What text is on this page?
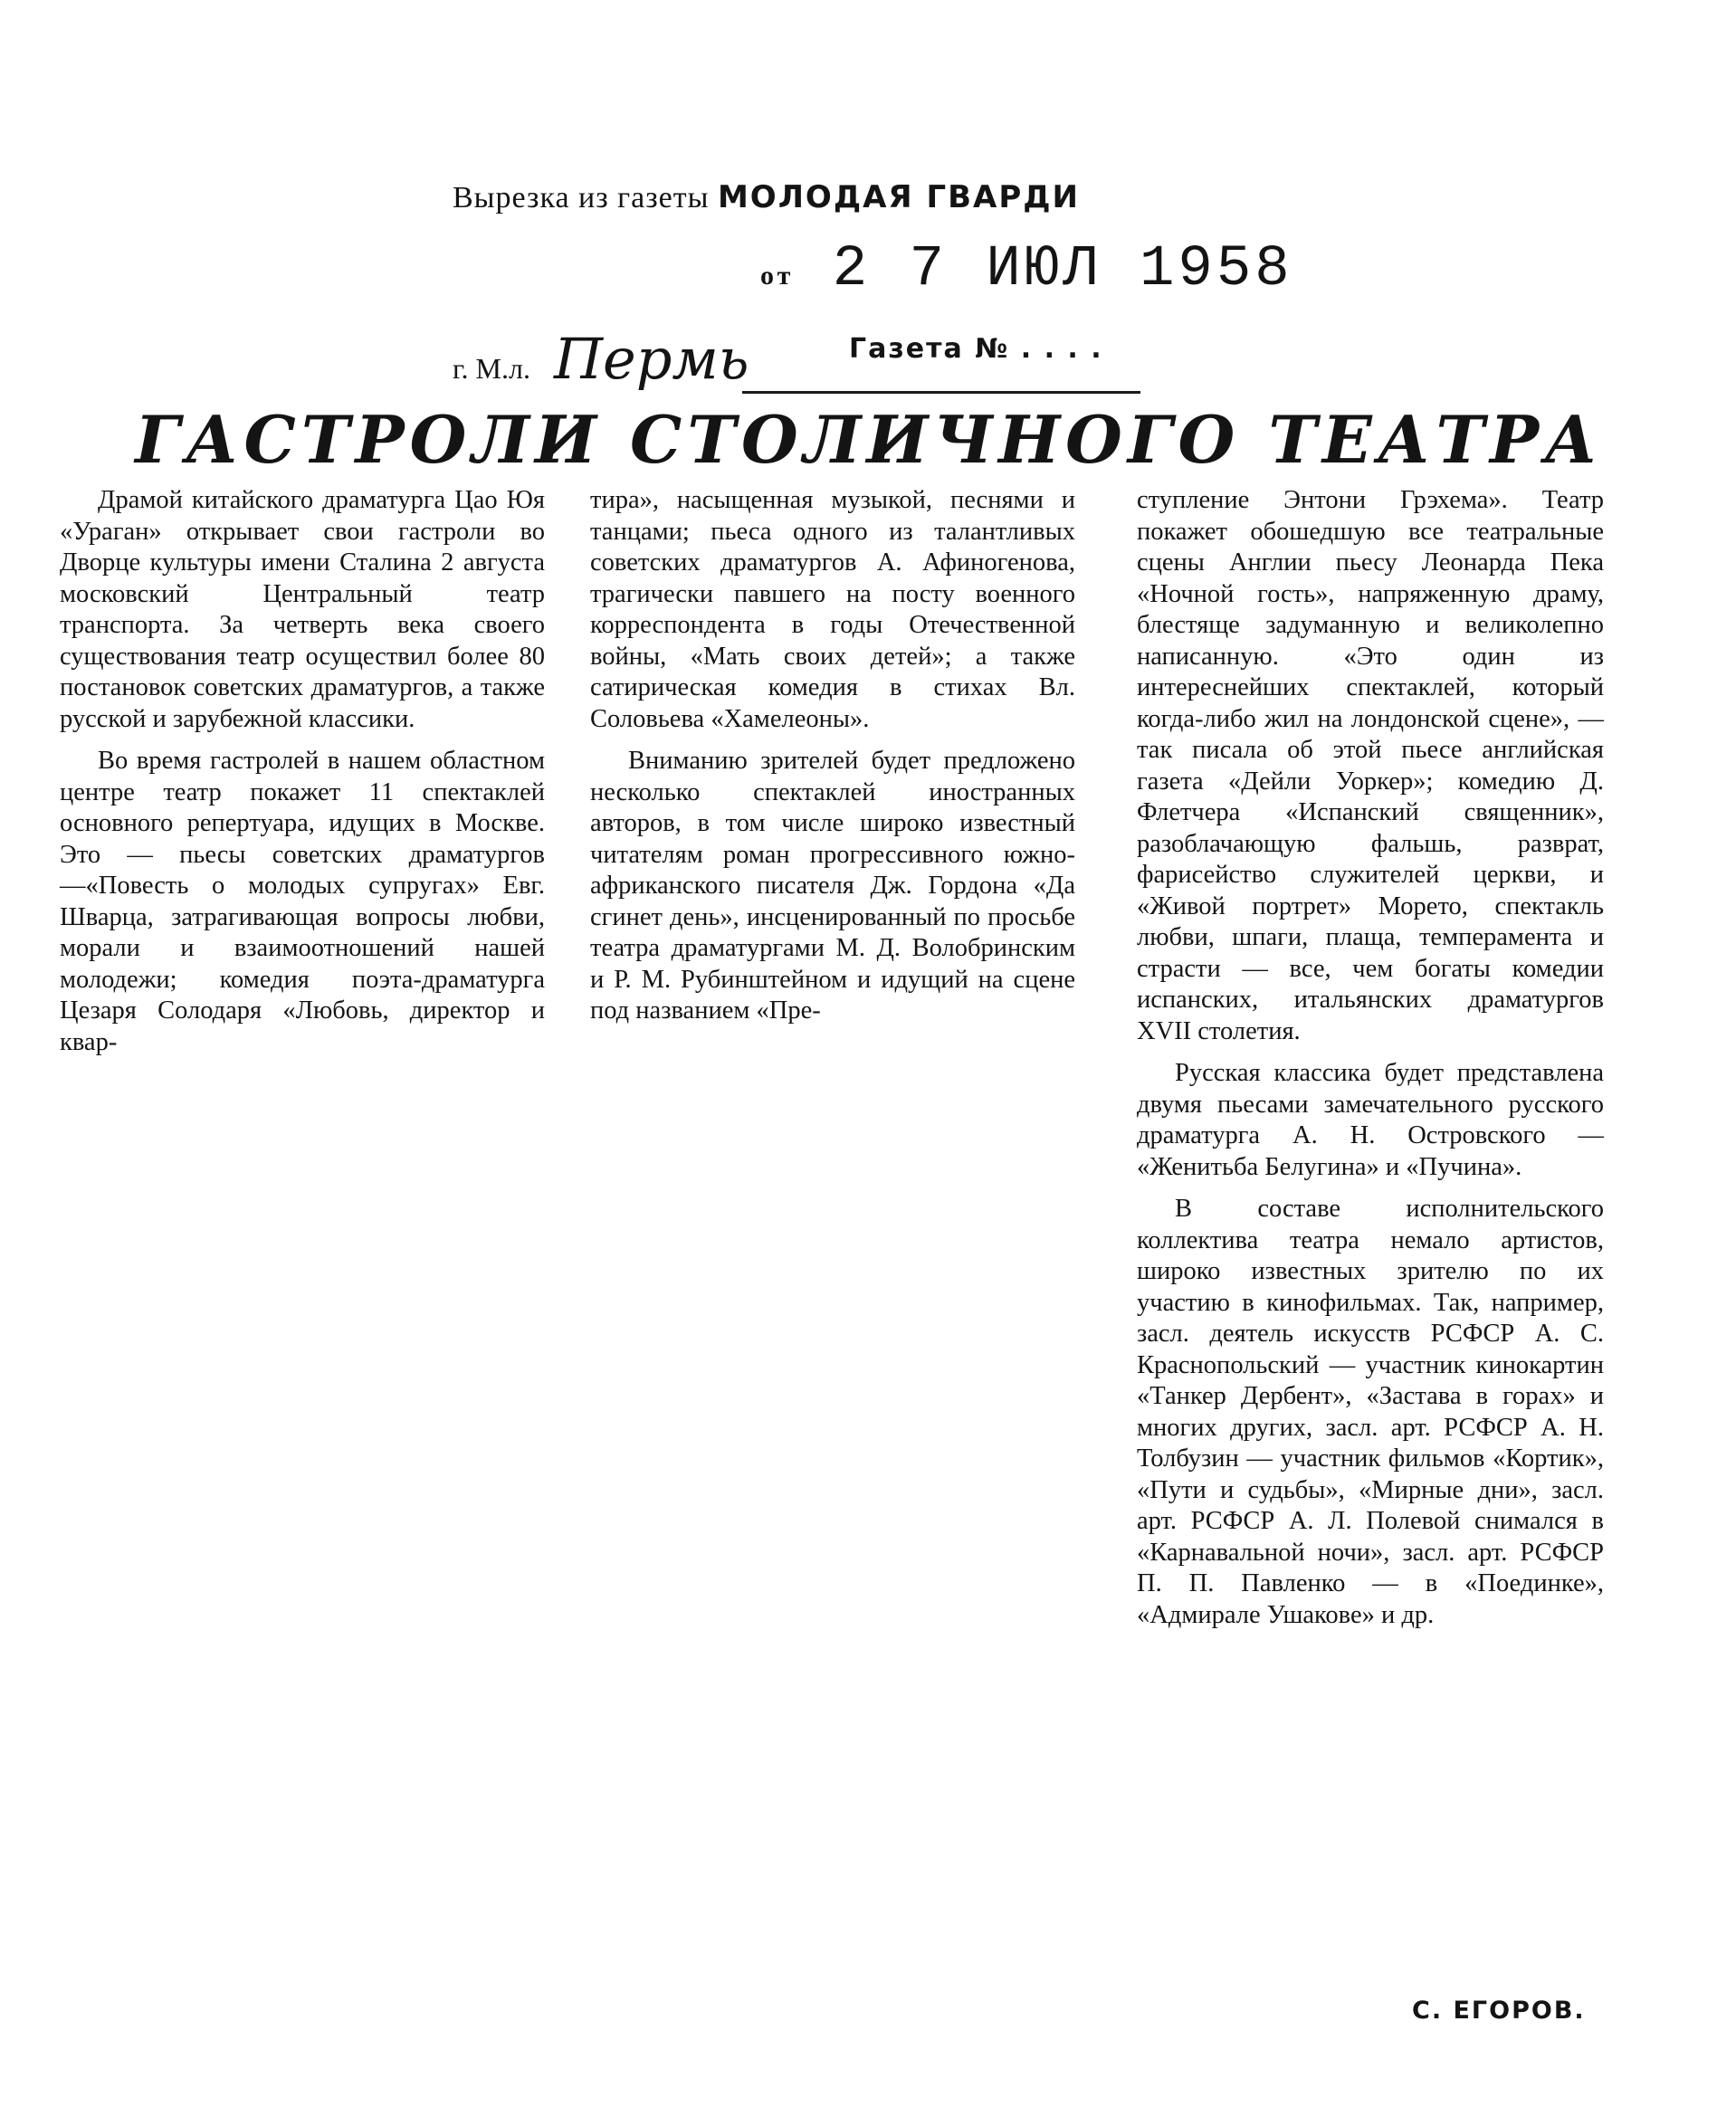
Вырезка из газеты МОЛОДАЯ ГВАРДИ
от 2 7 ИЮЛ 1958
г. М.л. Пермь	Газета № . . . .
ГАСТРОЛИ СТОЛИЧНОГО ТЕАТРА

Драмой китайского драматурга Цао Юя «Ураган» открывает свои гастроли во Дворце культуры имени Сталина 2 августа московский Центральный театр транспорта. За четверть века своего существования театр осуществил более 80 постановок советских драматургов, а также русской и зарубежной классики.

Во время гастролей в нашем областном центре театр покажет 11 спектаклей основного репертуара, идущих в Москве. Это — пьесы советских драматургов—«Повесть о молодых супругах» Евг. Шварца, затрагивающая вопросы любви, морали и взаимоотношений нашей молодежи; комедия поэта-драматурга Цезаря Солодаря «Любовь, директор и квар-

тира», насыщенная музыкой, песнями и танцами; пьеса одного из талантливых советских драматургов А. Афиногенова, трагически павшего на посту военного корреспондента в годы Отечественной войны, «Мать своих детей»; а также сатирическая комедия в стихах Вл. Соловьева «Хамелеоны».

Вниманию зрителей будет предложено несколько спектаклей иностранных авторов, в том числе широко известный читателям роман прогрессивного южно-африканского писателя Дж. Гордона «Да сгинет день», инсценированный по просьбе театра драматургами М. Д. Волобринским и Р. М. Рубинштейном и идущий на сцене под названием «Пре-

ступление Энтони Грэхема». Театр покажет обошедшую все театральные сцены Англии пьесу Леонарда Пека «Ночной гость», напряженную драму, блестяще задуманную и великолепно написанную. «Это один из интереснейших спектаклей, который когда-либо жил на лондонской сцене», — так писала об этой пьесе английская газета «Дейли Уоркер»; комедию Д. Флетчера «Испанский священник», разоблачающую фальшь, разврат, фарисейство служителей церкви, и «Живой портрет» Морето, спектакль любви, шпаги, плаща, темперамента и страсти — все, чем богаты комедии испанских, итальянских драматургов XVII столетия.

Русская классика будет представлена двумя пьесами замечательного русского драматурга А. Н. Островского — «Женитьба Белугина» и «Пучина».

В составе исполнительского коллектива театра немало артистов, широко известных зрителю по их участию в кинофильмах. Так, например, засл. деятель искусств РСФСР А. С. Краснопольский — участник кинокартин «Танкер Дербент», «Застава в горах» и многих других, засл. арт. РСФСР А. Н. Толбузин — участник фильмов «Кортик», «Пути и судьбы», «Мирные дни», засл. арт. РСФСР А. Л. Полевой снимался в «Карнавальной ночи», засл. арт. РСФСР П. П. Павленко — в «Поединке», «Адмирале Ушакове» и др.

С. ЕГОРОВ.
